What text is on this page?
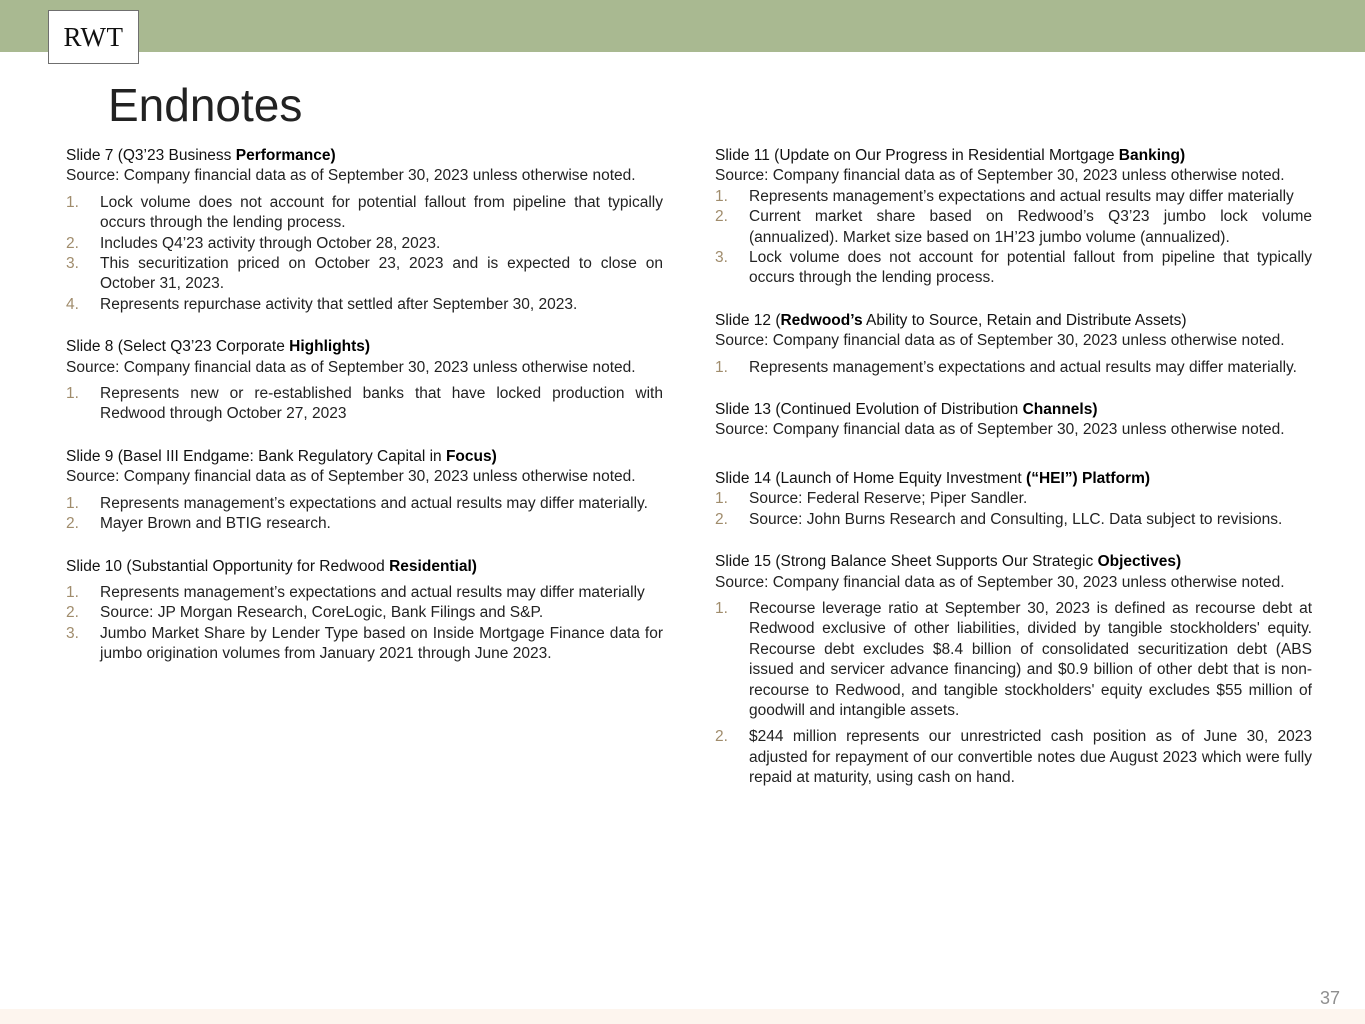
RWT
Endnotes
Slide 7 (Q3’23 Business Performance)
Source: Company financial data as of September 30, 2023 unless otherwise noted.
1. Lock volume does not account for potential fallout from pipeline that typically occurs through the lending process.
2. Includes Q4’23 activity through October 28, 2023.
3. This securitization priced on October 23, 2023 and is expected to close on October 31, 2023.
4. Represents repurchase activity that settled after September 30, 2023.
Slide 8 (Select Q3’23 Corporate Highlights)
Source: Company financial data as of September 30, 2023 unless otherwise noted.
1. Represents new or re-established banks that have locked production with Redwood through October 27, 2023
Slide 9 (Basel III Endgame: Bank Regulatory Capital in Focus)
Source: Company financial data as of September 30, 2023 unless otherwise noted.
1. Represents management’s expectations and actual results may differ materially.
2. Mayer Brown and BTIG research.
Slide 10 (Substantial Opportunity for Redwood Residential)
1. Represents management’s expectations and actual results may differ materially
2. Source: JP Morgan Research, CoreLogic, Bank Filings and S&P.
3. Jumbo Market Share by Lender Type based on Inside Mortgage Finance data for jumbo origination volumes from January 2021 through June 2023.
Slide 11 (Update on Our Progress in Residential Mortgage Banking)
Source: Company financial data as of September 30, 2023 unless otherwise noted.
1. Represents management’s expectations and actual results may differ materially
2. Current market share based on Redwood’s Q3’23 jumbo lock volume (annualized). Market size based on 1H’23 jumbo volume (annualized).
3. Lock volume does not account for potential fallout from pipeline that typically occurs through the lending process.
Slide 12 (Redwood’s Ability to Source, Retain and Distribute Assets)
Source: Company financial data as of September 30, 2023 unless otherwise noted.
1. Represents management’s expectations and actual results may differ materially.
Slide 13 (Continued Evolution of Distribution Channels)
Source: Company financial data as of September 30, 2023 unless otherwise noted.
Slide 14 (Launch of Home Equity Investment (“HEI”) Platform)
1. Source: Federal Reserve; Piper Sandler.
2. Source: John Burns Research and Consulting, LLC. Data subject to revisions.
Slide 15 (Strong Balance Sheet Supports Our Strategic Objectives)
Source: Company financial data as of September 30, 2023 unless otherwise noted.
1. Recourse leverage ratio at September 30, 2023 is defined as recourse debt at Redwood exclusive of other liabilities, divided by tangible stockholders' equity. Recourse debt excludes $8.4 billion of consolidated securitization debt (ABS issued and servicer advance financing) and $0.9 billion of other debt that is non-recourse to Redwood, and tangible stockholders' equity excludes $55 million of goodwill and intangible assets.
2. $244 million represents our unrestricted cash position as of June 30, 2023 adjusted for repayment of our convertible notes due August 2023 which were fully repaid at maturity, using cash on hand.
37
